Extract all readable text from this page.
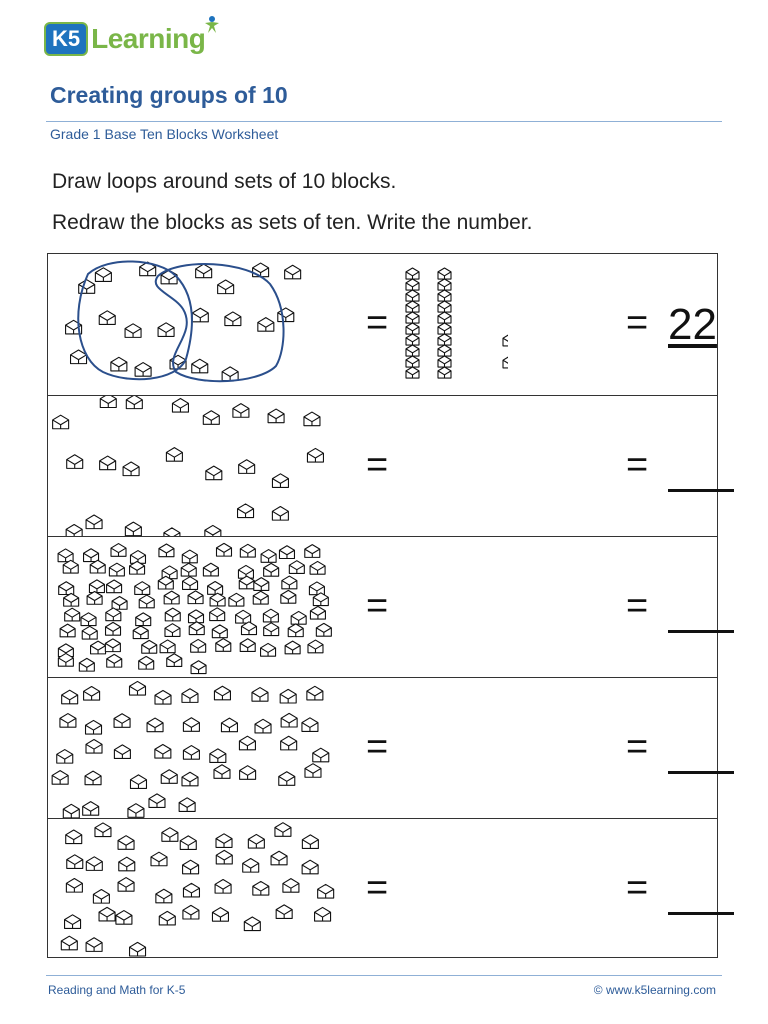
K5 Learning
Creating groups of 10
Grade 1 Base Ten Blocks Worksheet
Draw loops around sets of 10 blocks.
Redraw the blocks as sets of ten. Write the number.
=	= 22
=	=
=	=
=	=
=	=
Reading and Math for K-5	© www.k5learning.com
